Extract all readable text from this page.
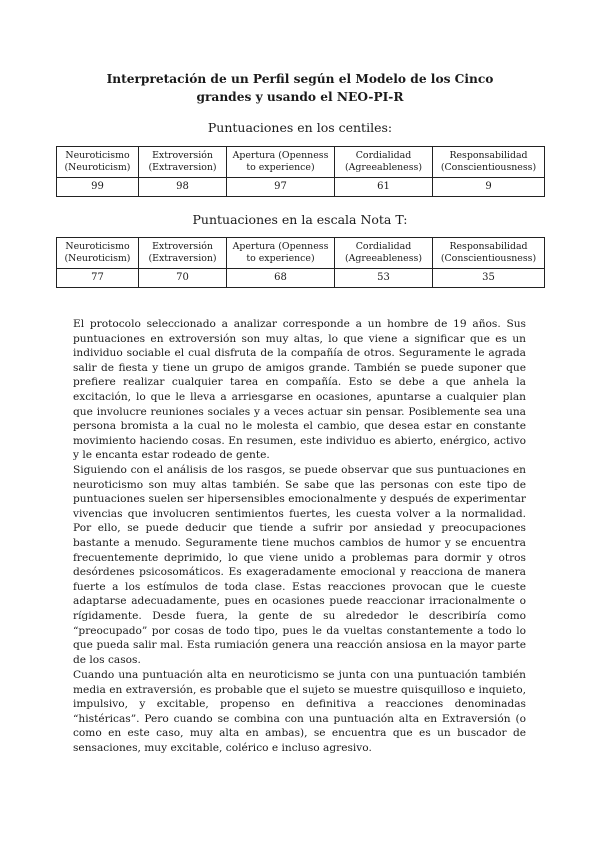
Interpretación de un Perfil según el Modelo de los Cinco grandes y usando el NEO-PI-R
Puntuaciones en los centiles:
Neuroticismo (Neuroticism)	Extroversión (Extraversion)	Apertura (Openness to experience)	Cordialidad (Agreeableness)	Responsabilidad (Conscientiousness)
99	98	97	61	9
Puntuaciones en la escala Nota T:
Neuroticismo (Neuroticism)	Extroversión (Extraversion)	Apertura (Openness to experience)	Cordialidad (Agreeableness)	Responsabilidad (Conscientiousness)
77	70	68	53	35

El protocolo seleccionado a analizar corresponde a un hombre de 19 años. Sus puntuaciones en extroversión son muy altas, lo que viene a significar que es un individuo sociable el cual disfruta de la compañía de otros. Seguramente le agrada salir de fiesta y tiene un grupo de amigos grande. También se puede suponer que prefiere realizar cualquier tarea en compañía. Esto se debe a que anhela la excitación, lo que le lleva a arriesgarse en ocasiones, apuntarse a cualquier plan que involucre reuniones sociales y a veces actuar sin pensar. Posiblemente sea una persona bromista a la cual no le molesta el cambio, que desea estar en constante movimiento haciendo cosas. En resumen, este individuo es abierto, enérgico, activo y le encanta estar rodeado de gente.

Siguiendo con el análisis de los rasgos, se puede observar que sus puntuaciones en neuroticismo son muy altas también. Se sabe que las personas con este tipo de puntuaciones suelen ser hipersensibles emocionalmente y después de experimentar vivencias que involucren sentimientos fuertes, les cuesta volver a la normalidad. Por ello, se puede deducir que tiende a sufrir por ansiedad y preocupaciones bastante a menudo. Seguramente tiene muchos cambios de humor y se encuentra frecuentemente deprimido, lo que viene unido a problemas para dormir y otros desórdenes psicosomáticos. Es exageradamente emocional y reacciona de manera fuerte a los estímulos de toda clase. Estas reacciones provocan que le cueste adaptarse adecuadamente, pues en ocasiones puede reaccionar irracionalmente o rígidamente. Desde fuera, la gente de su alrededor le describiría como “preocupado” por cosas de todo tipo, pues le da vueltas constantemente a todo lo que pueda salir mal. Esta rumiación genera una reacción ansiosa en la mayor parte de los casos.

Cuando una puntuación alta en neuroticismo se junta con una puntuación también media en extraversión, es probable que el sujeto se muestre quisquilloso e inquieto, impulsivo, y excitable, propenso en definitiva a reacciones denominadas “histéricas”. Pero cuando se combina con una puntuación alta en Extraversión (o como en este caso, muy alta en ambas), se encuentra que es un buscador de sensaciones, muy excitable, colérico e incluso agresivo.
